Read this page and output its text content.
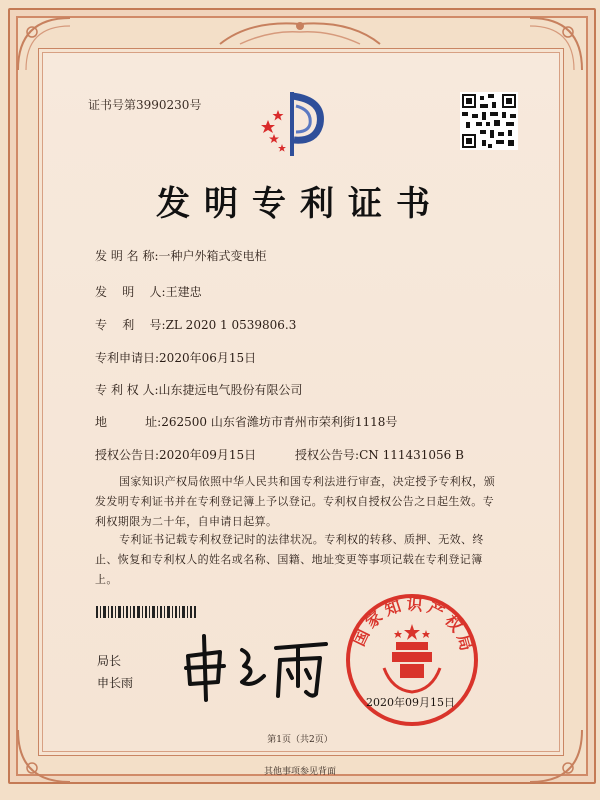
证书号第3990230号
发明专利证书
发 明 名 称:一种户外箱式变电柜
发    明    人:王建忠
专    利    号:ZL 2020 1 0539806.3
专利申请日:2020年06月15日
专 利 权 人:山东捷远电气股份有限公司
地          址:262500 山东省潍坊市青州市荣利街1118号
授权公告日:2020年09月15日	授权公告号:CN 111431056 B
国家知识产权局依照中华人民共和国专利法进行审查，决定授予专利权，颁发发明专利证书并在专利登记簿上予以登记。专利权自授权公告之日起生效。专利权期限为二十年，自申请日起算。
专利证书记载专利权登记时的法律状况。专利权的转移、质押、无效、终止、恢复和专利权人的姓名或名称、国籍、地址变更等事项记载在专利登记簿上。
局长
申长雨
国家知识产权局
2020年09月15日
第1页（共2页）
其他事项参见背面
